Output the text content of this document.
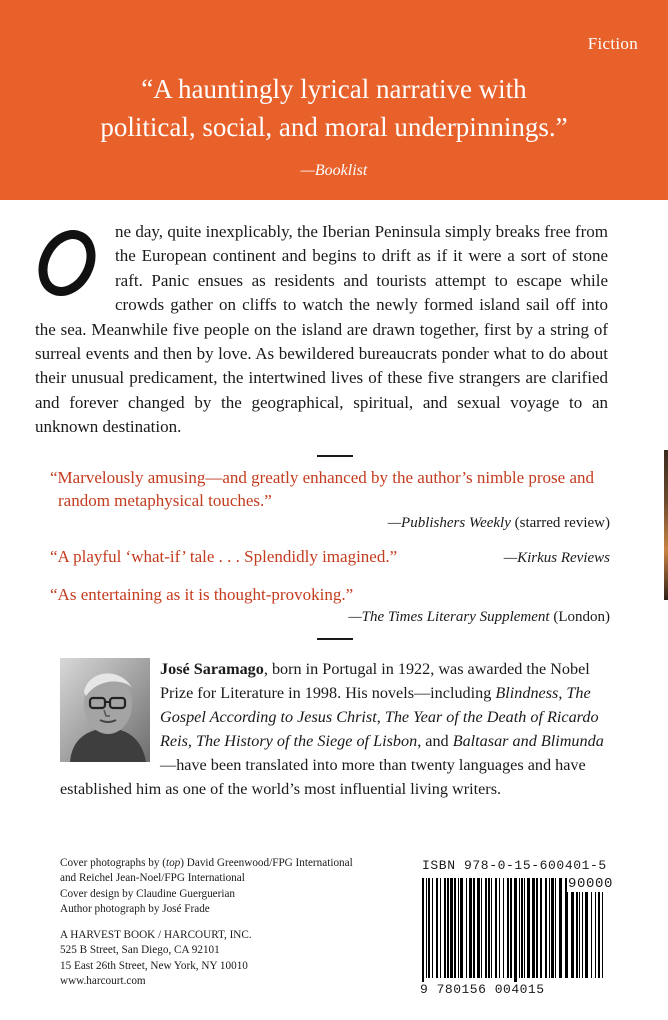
Fiction
“A hauntingly lyrical narrative with
political, social, and moral underpinnings.”
—Booklist
O	ne day, quite inexplicably, the Iberian Peninsula simply breaks free from the European continent and begins to drift as if it were a sort of stone raft. Panic ensues as residents and tourists attempt to escape while crowds gather on cliffs to watch the newly formed island sail off into the sea. Meanwhile five people on the island are drawn together, first by a string of surreal events and then by love. As bewildered bureaucrats ponder what to do about their unusual predicament, the intertwined lives of these five strangers are clarified and forever changed by the geographical, spiritual, and sexual voyage to an unknown destination.
“Marvelously amusing—and greatly enhanced by the author’s nimble prose and random metaphysical touches.”
—Publishers Weekly (starred review)
“A playful ‘what-if’ tale . . . Splendidly imagined.”	—Kirkus Reviews
“As entertaining as it is thought-provoking.”
—The Times Literary Supplement (London)
José Saramago, born in Portugal in 1922, was awarded the Nobel Prize for Literature in 1998. His novels—including Blindness, The Gospel According to Jesus Christ, The Year of the Death of Ricardo Reis, The History of the Siege of Lisbon, and Baltasar and Blimunda—have been translated into more than twenty languages and have established him as one of the world’s most influential living writers.

Cover photographs by (top) David Greenwood/FPG International

and Reichel Jean-Noel/FPG International

Cover design by Claudine Guerguerian

Author photograph by José Frade

A HARVEST BOOK / HARCOURT, INC.

525 B Street, San Diego, CA 92101

15 East 26th Street, New York, NY 10010

www.harcourt.com

ISBN 978-0-15-600401-5
90000
9 780156 004015
